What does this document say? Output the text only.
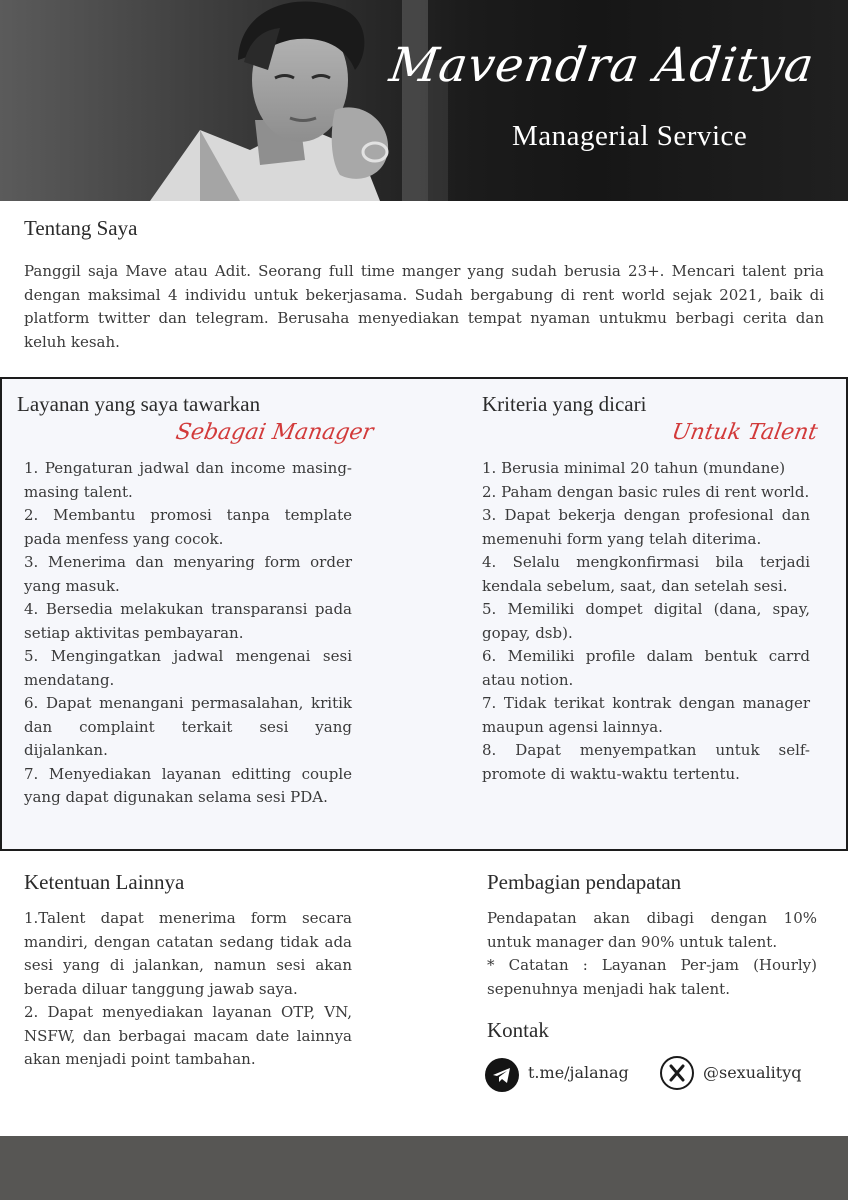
Mavendra Aditya
Managerial Service
Tentang Saya

Panggil saja Mave atau Adit. Seorang full time manger yang sudah berusia 23+. Mencari talent pria dengan maksimal 4 individu untuk bekerjasama. Sudah bergabung di rent world sejak 2021, baik di platform twitter dan telegram. Berusaha menyediakan tempat nyaman untukmu berbagi cerita dan keluh kesah.

Layanan yang saya tawarkan
Sebagai Manager
1. Pengaturan jadwal dan income masing-masing talent.
2. Membantu promosi tanpa template pada menfess yang cocok.
3. Menerima dan menyaring form order yang masuk.
4. Bersedia melakukan transparansi pada setiap aktivitas pembayaran.
5. Mengingatkan jadwal mengenai sesi mendatang.
6. Dapat menangani permasalahan, kritik dan complaint terkait sesi yang dijalankan.
7. Menyediakan layanan editting couple yang dapat digunakan selama sesi PDA.
Kriteria yang dicari
Untuk Talent
1. Berusia minimal 20 tahun (mundane)
2. Paham dengan basic rules di rent world.
3. Dapat bekerja dengan profesional dan memenuhi form yang telah diterima.
4. Selalu mengkonfirmasi bila terjadi kendala sebelum, saat, dan setelah sesi.
5. Memiliki dompet digital (dana, spay, gopay, dsb).
6. Memiliki profile dalam bentuk carrd atau notion.
7. Tidak terikat kontrak dengan manager maupun agensi lainnya.
8. Dapat menyempatkan untuk self-promote di waktu-waktu tertentu.
Ketentuan Lainnya
1.Talent dapat menerima form secara mandiri, dengan catatan sedang tidak ada sesi yang di jalankan, namun sesi akan berada diluar tanggung jawab saya.
2. Dapat menyediakan layanan OTP, VN, NSFW, dan berbagai macam date lainnya akan menjadi point tambahan.
Pembagian pendapatan
Pendapatan akan dibagi dengan 10% untuk manager dan 90% untuk talent.
* Catatan : Layanan Per-jam (Hourly) sepenuhnya menjadi hak talent.
Kontak
t.me/jalanag	@sexualityq
